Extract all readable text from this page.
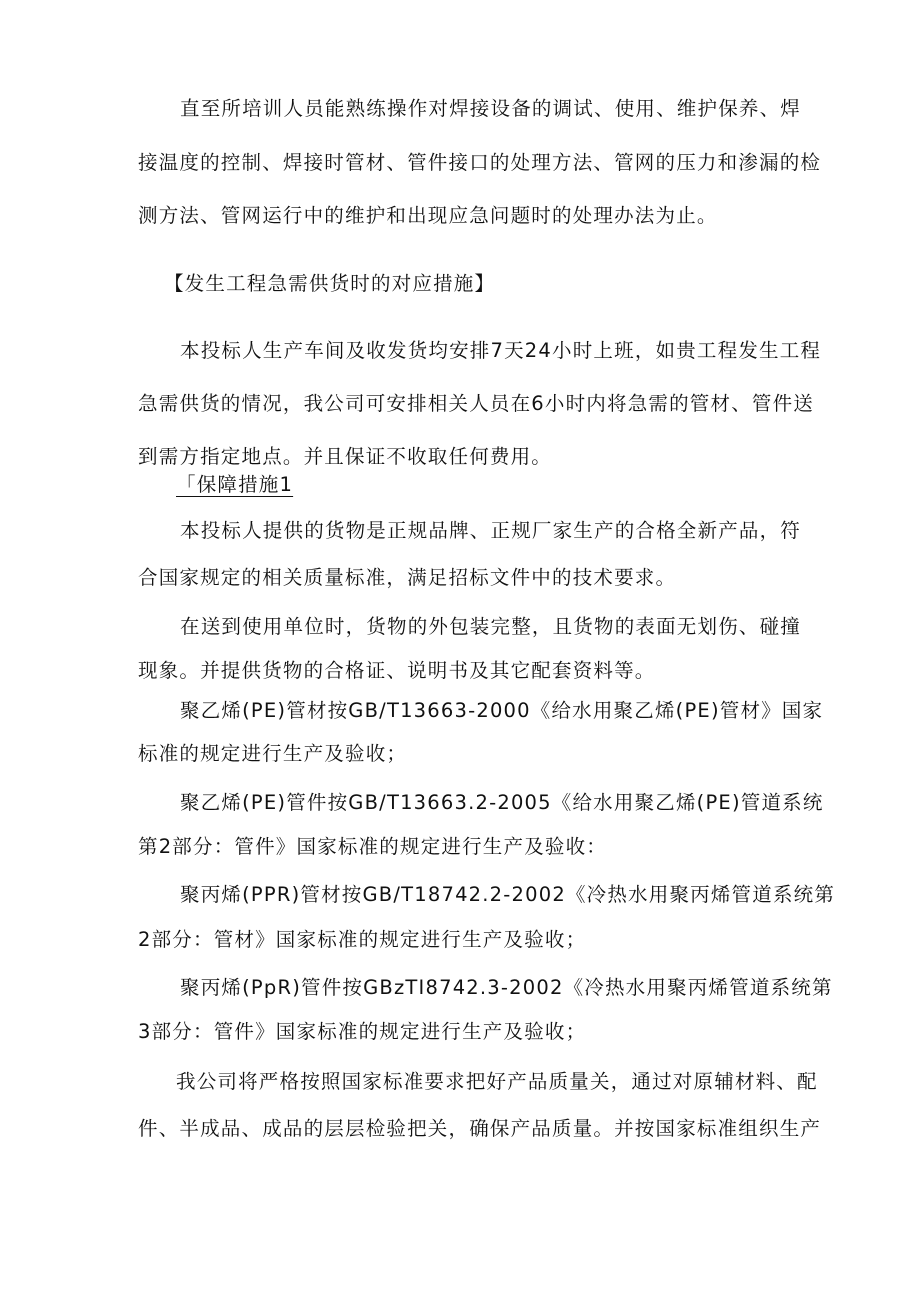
直至所培训人员能熟练操作对焊接设备的调试、使用、维护保养、焊
接温度的控制、焊接时管材、管件接口的处理方法、管网的压力和渗漏的检
测方法、管网运行中的维护和出现应急问题时的处理办法为止。
【发生工程急需供货时的对应措施】
本投标人生产车间及收发货均安排7天24小时上班，如贵工程发生工程
急需供货的情况，我公司可安排相关人员在6小时内将急需的管材、管件送
到需方指定地点。并且保证不收取任何费用。
「保障措施1
本投标人提供的货物是正规品牌、正规厂家生产的合格全新产品，符
合国家规定的相关质量标准，满足招标文件中的技术要求。
在送到使用单位时，货物的外包装完整，且货物的表面无划伤、碰撞
现象。并提供货物的合格证、说明书及其它配套资料等。
聚乙烯(PE)管材按GB/T13663-2000《给水用聚乙烯(PE)管材》国家
标准的规定进行生产及验收；
聚乙烯(PE)管件按GB/T13663.2-2005《给水用聚乙烯(PE)管道系统
第2部分：管件》国家标准的规定进行生产及验收：
聚丙烯(PPR)管材按GB/T18742.2-2002《冷热水用聚丙烯管道系统第
2部分：管材》国家标准的规定进行生产及验收；
聚丙烯(PpR)管件按GBzTI8742.3-2002《冷热水用聚丙烯管道系统第
3部分：管件》国家标准的规定进行生产及验收；
我公司将严格按照国家标准要求把好产品质量关，通过对原辅材料、配
件、半成品、成品的层层检验把关，确保产品质量。并按国家标准组织生产
